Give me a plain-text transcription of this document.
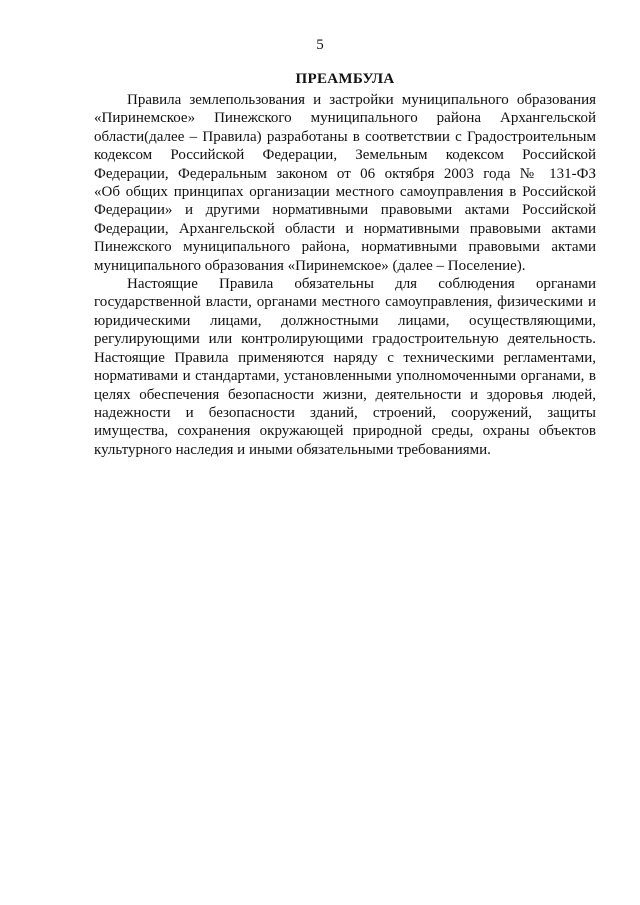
5
ПРЕАМБУЛА

Правила землепользования и застройки муниципального образования
«Пиринемское» Пинежского муниципального района Архангельской
области(далее – Правила) разработаны в соответствии с Градостроительным
кодексом Российской Федерации, Земельным кодексом Российской
Федерации, Федеральным законом от 06 октября 2003 года № 131-ФЗ
«Об общих принципах организации местного самоуправления в Российской
Федерации» и другими нормативными правовыми актами Российской
Федерации, Архангельской области и нормативными правовыми актами
Пинежского муниципального района, нормативными правовыми актами
муниципального образования «Пиринемское» (далее – Поселение).

Настоящие Правила обязательны для соблюдения органами
государственной власти, органами местного самоуправления, физическими и
юридическими лицами, должностными лицами, осуществляющими,
регулирующими или контролирующими градостроительную деятельность.
Настоящие Правила применяются наряду с техническими регламентами,
нормативами и стандартами, установленными уполномоченными органами, в
целях обеспечения безопасности жизни, деятельности и здоровья людей,
надежности и безопасности зданий, строений, сооружений, защиты
имущества, сохранения окружающей природной среды, охраны объектов
культурного наследия и иными обязательными требованиями.
